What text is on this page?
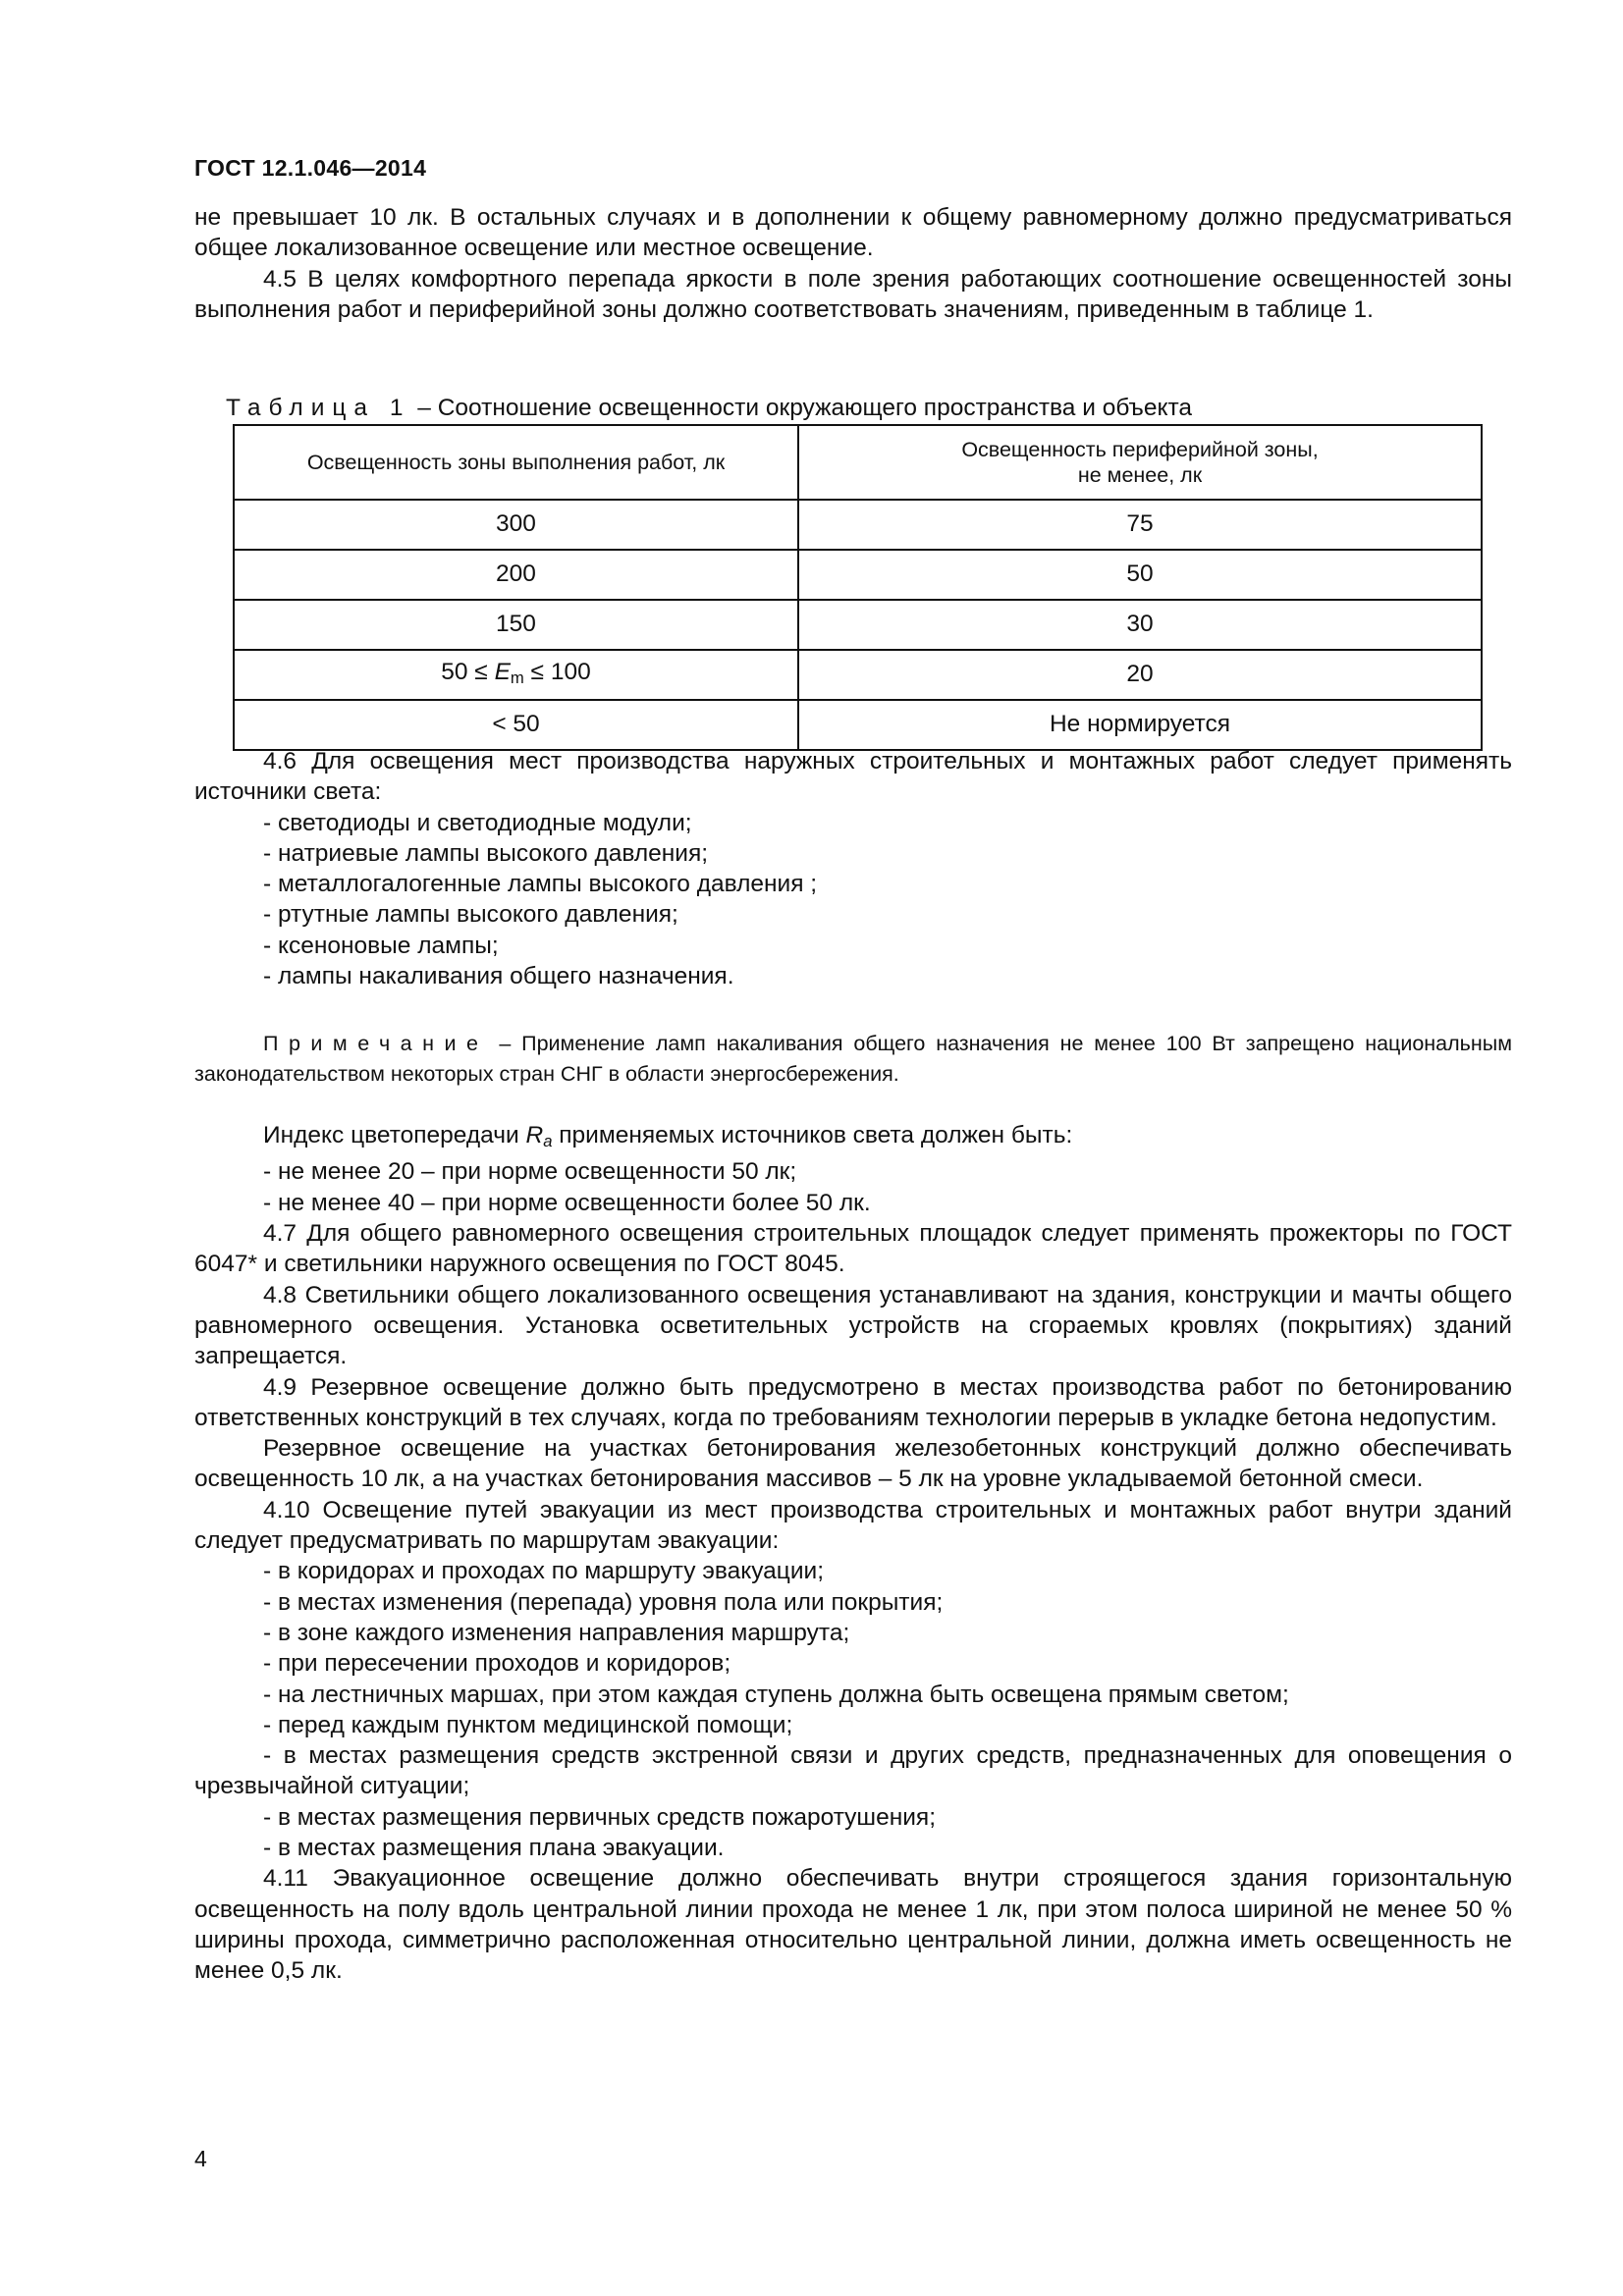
ГОСТ 12.1.046—2014

не превышает 10 лк. В остальных случаях и в дополнении к общему равномерному должно предусматриваться общее локализованное освещение или местное освещение.

4.5 В целях комфортного перепада яркости в поле зрения работающих соотношение освещенностей зоны выполнения работ и периферийной зоны должно соответствовать значениям, приведенным в таблице 1.

Таблица 1 – Соотношение освещенности окружающего пространства и объекта
Освещенность зоны выполнения работ, лк	Освещенность периферийной зоны,
не менее, лк
300	75
200	50
150	30
$50 \le E_m \le 100$	20
< 50	Не нормируется

4.6 Для освещения мест производства наружных строительных и монтажных работ следует применять источники света:

- светодиоды и светодиодные модули;

- натриевые лампы высокого давления;

- металлогалогенные лампы высокого давления ;

- ртутные лампы высокого давления;

- ксеноновые лампы;

- лампы накаливания общего назначения.

Примечание – Применение ламп накаливания общего назначения не менее 100 Вт запрещено национальным законодательством некоторых стран СНГ в области энергосбережения.

Индекс цветопередачи $R_a$ применяемых источников света должен быть:

- не менее 20 – при норме освещенности 50 лк;

- не менее 40 – при норме освещенности более 50 лк.

4.7 Для общего равномерного освещения строительных площадок следует применять прожекторы по ГОСТ 6047* и светильники наружного освещения по ГОСТ 8045.

4.8 Светильники общего локализованного освещения устанавливают на здания, конструкции и мачты общего равномерного освещения. Установка осветительных устройств на сгораемых кровлях (покрытиях) зданий запрещается.

4.9 Резервное освещение должно быть предусмотрено в местах производства работ по бетонированию ответственных конструкций в тех случаях, когда по требованиям технологии перерыв в укладке бетона недопустим.

Резервное освещение на участках бетонирования железобетонных конструкций должно обеспечивать освещенность 10 лк, а на участках бетонирования массивов – 5 лк на уровне укладываемой бетонной смеси.

4.10 Освещение путей эвакуации из мест производства строительных и монтажных работ внутри зданий следует предусматривать по маршрутам эвакуации:

- в коридорах и проходах по маршруту эвакуации;

- в местах изменения (перепада) уровня пола или покрытия;

- в зоне каждого изменения направления маршрута;

- при пересечении проходов и коридоров;

- на лестничных маршах, при этом каждая ступень должна быть освещена прямым светом;

- перед каждым пунктом медицинской помощи;

- в местах размещения средств экстренной связи и других средств, предназначенных для оповещения о чрезвычайной ситуации;

- в местах размещения первичных средств пожаротушения;

- в местах размещения плана эвакуации.

4.11 Эвакуационное освещение должно обеспечивать внутри строящегося здания горизонтальную освещенность на полу вдоль центральной линии прохода не менее 1 лк, при этом полоса шириной не менее 50 % ширины прохода, симметрично расположенная относительно центральной линии, должна иметь освещенность не менее 0,5 лк.

4
